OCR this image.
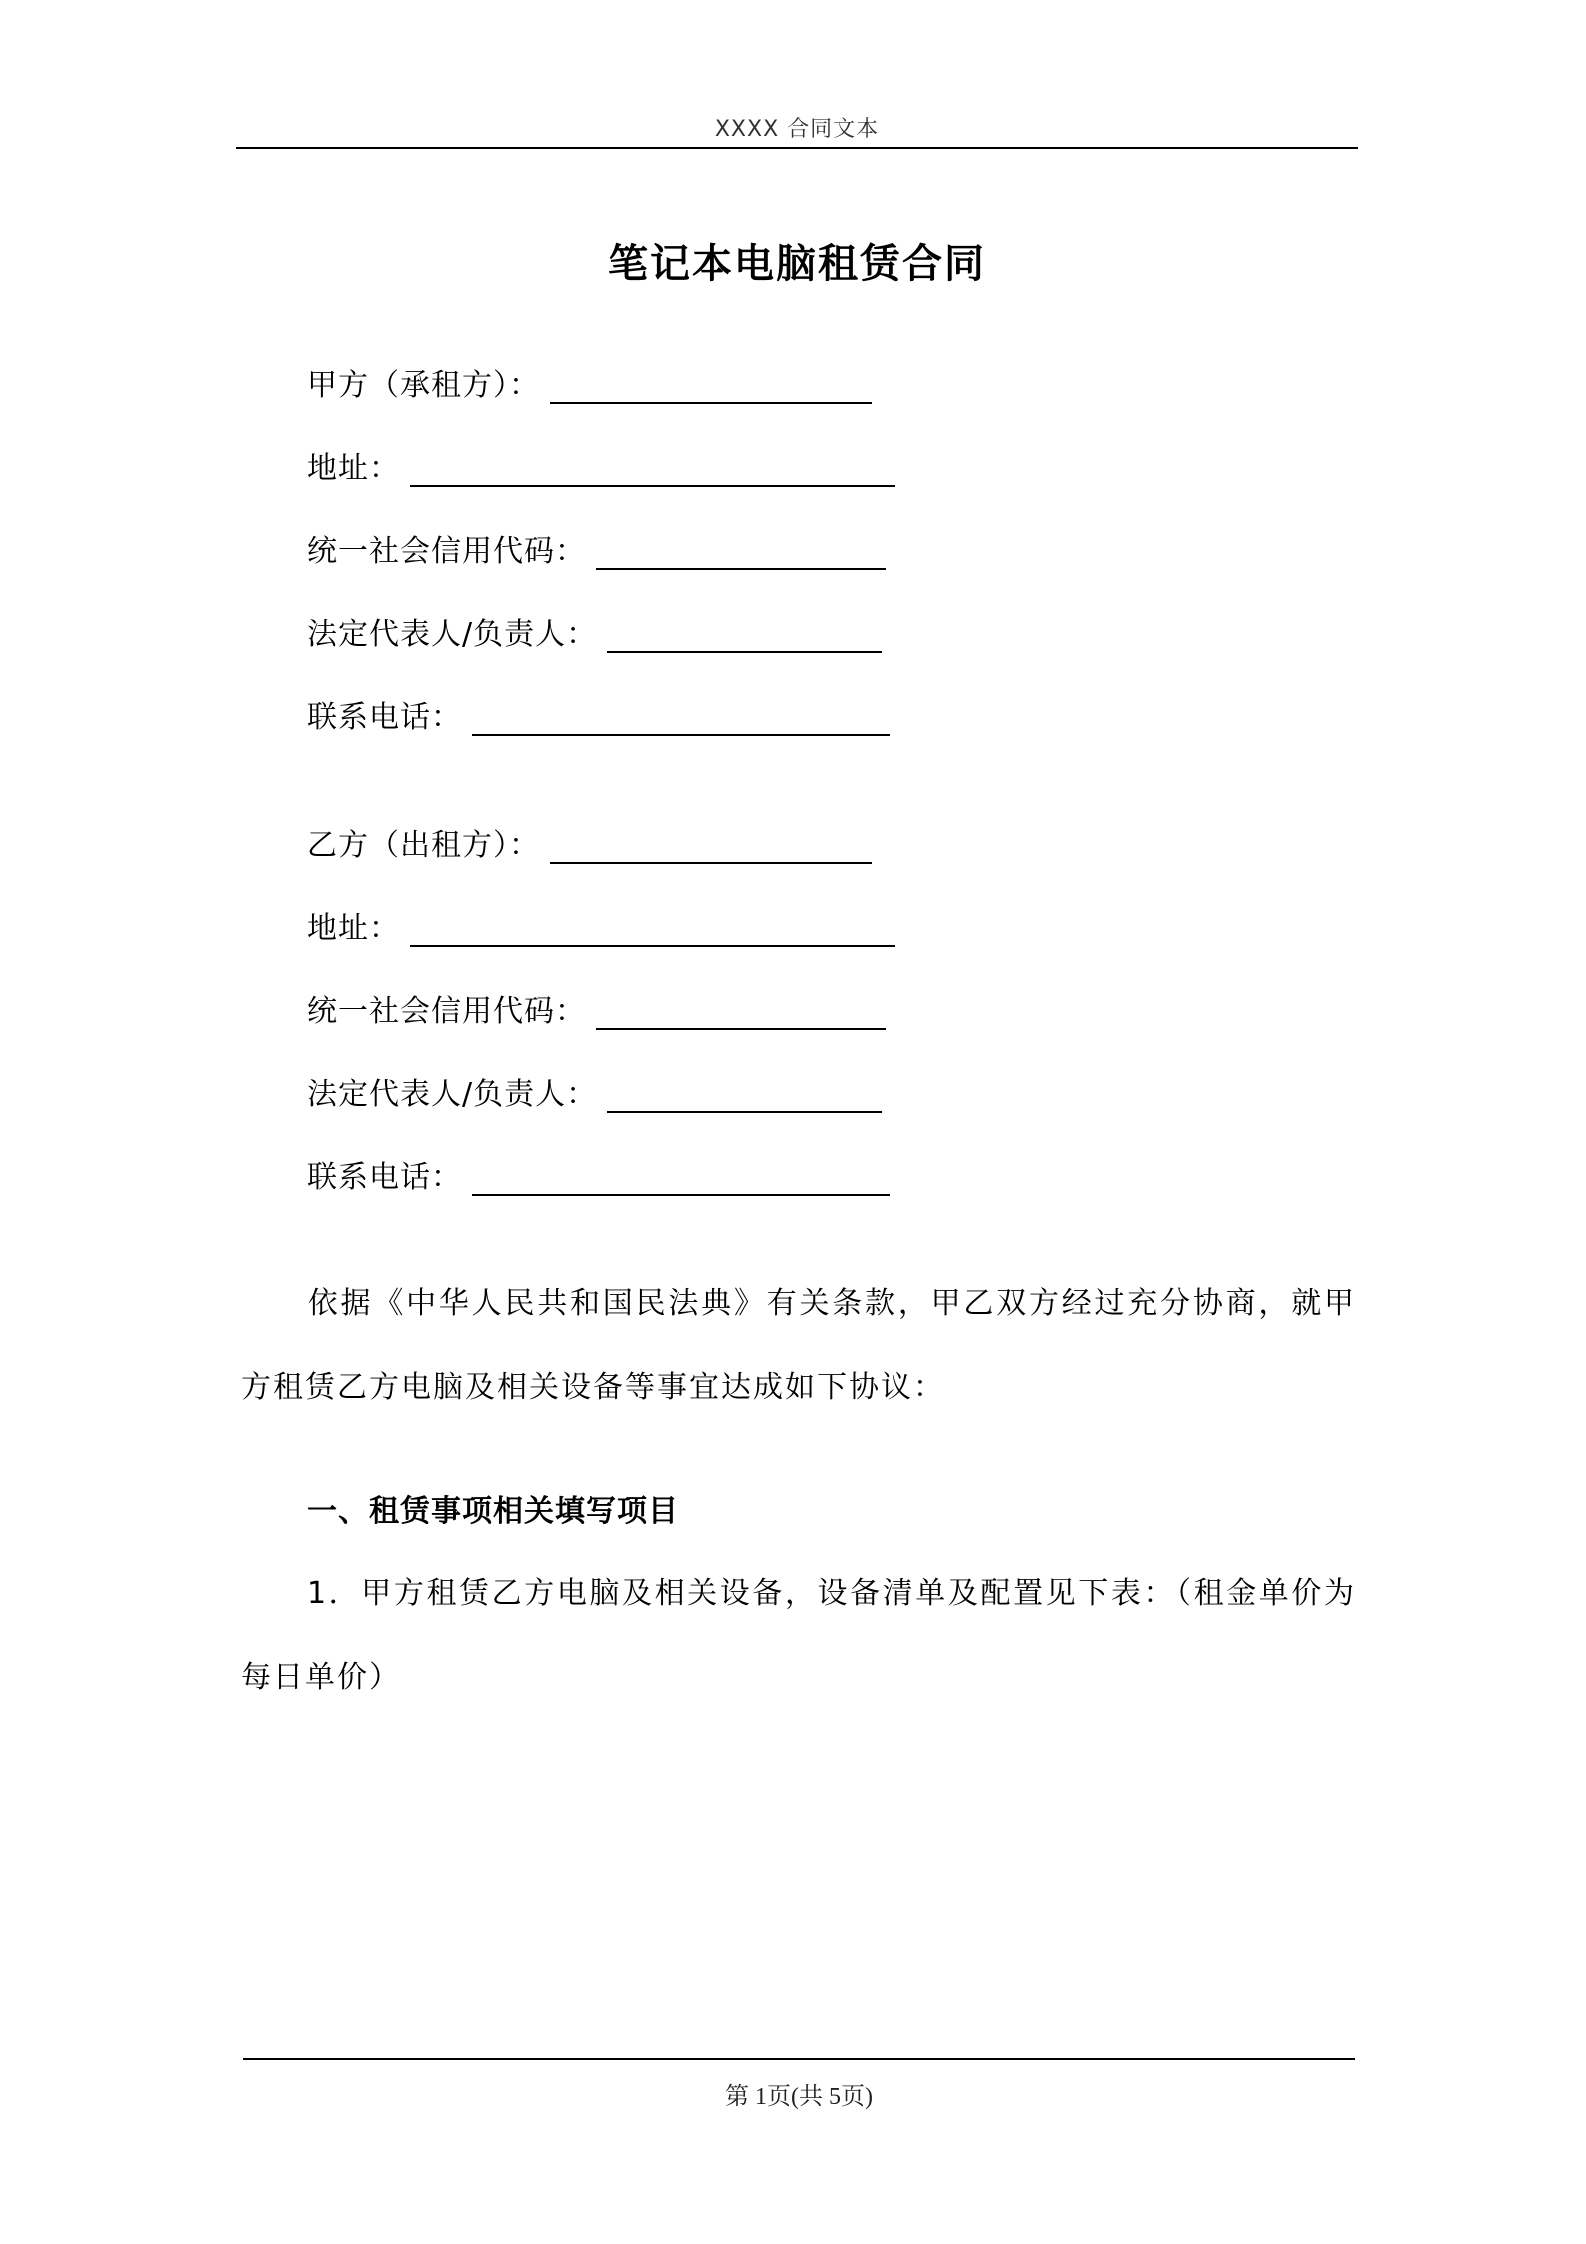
XXXX 合同文本
笔记本电脑租赁合同
甲方（承租方）：
地址：
统一社会信用代码：
法定代表人/负责人：
联系电话：
乙方（出租方）：
地址：
统一社会信用代码：
法定代表人/负责人：
联系电话：
依据《中华人民共和国民法典》有关条款，甲乙双方经过充分协商，就甲方租赁乙方电脑及相关设备等事宜达成如下协议：
一、租赁事项相关填写项目
1．甲方租赁乙方电脑及相关设备，设备清单及配置见下表：（租金单价为每日单价）
第 1页(共 5页)
